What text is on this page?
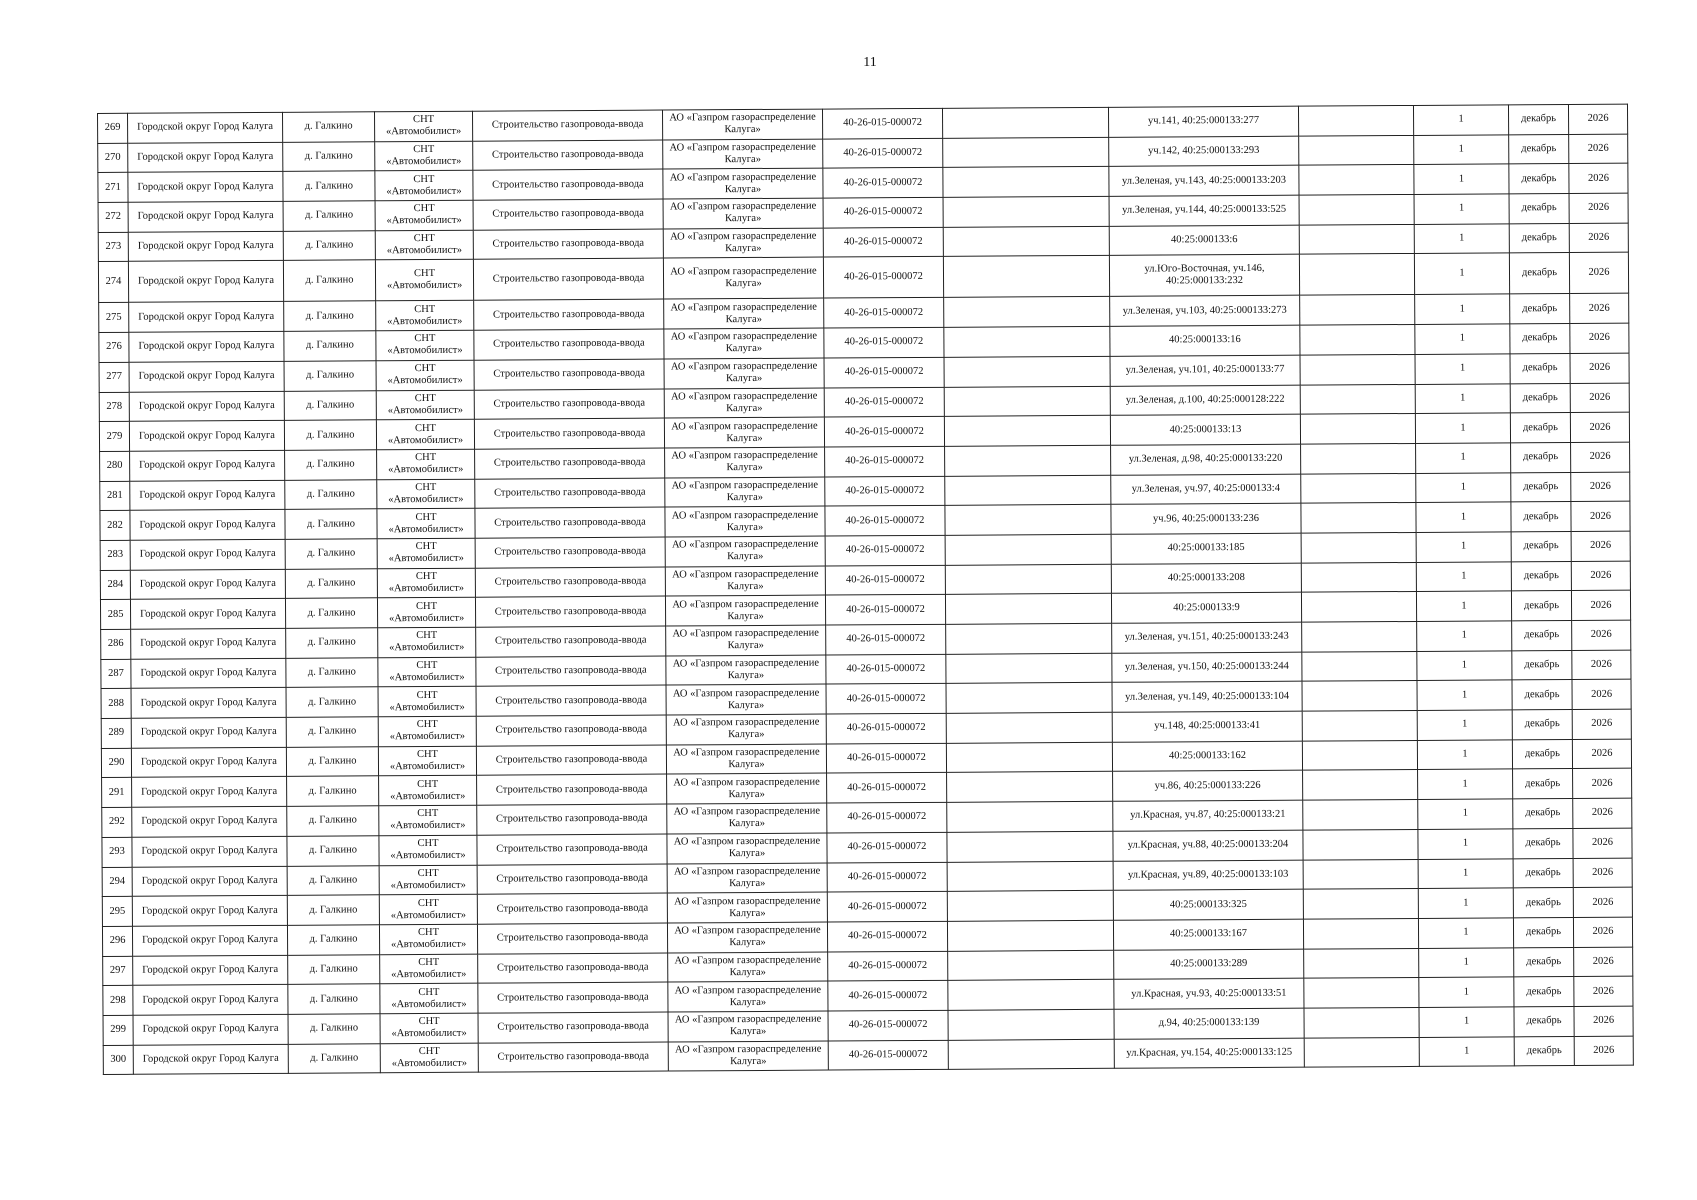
11
269	Городской округ Город Калуга	д. Галкино	СНТ «Автомобилист»	Строительство газопровода-ввода	АО «Газпром газораспределение Калуга»	40-26-015-000072		уч.141, 40:25:000133:277		1	декабрь	2026
270	Городской округ Город Калуга	д. Галкино	СНТ «Автомобилист»	Строительство газопровода-ввода	АО «Газпром газораспределение Калуга»	40-26-015-000072		уч.142, 40:25:000133:293		1	декабрь	2026
271	Городской округ Город Калуга	д. Галкино	СНТ «Автомобилист»	Строительство газопровода-ввода	АО «Газпром газораспределение Калуга»	40-26-015-000072		ул.Зеленая, уч.143, 40:25:000133:203		1	декабрь	2026
272	Городской округ Город Калуга	д. Галкино	СНТ «Автомобилист»	Строительство газопровода-ввода	АО «Газпром газораспределение Калуга»	40-26-015-000072		ул.Зеленая, уч.144, 40:25:000133:525		1	декабрь	2026
273	Городской округ Город Калуга	д. Галкино	СНТ «Автомобилист»	Строительство газопровода-ввода	АО «Газпром газораспределение Калуга»	40-26-015-000072		40:25:000133:6		1	декабрь	2026
274	Городской округ Город Калуга	д. Галкино	СНТ «Автомобилист»	Строительство газопровода-ввода	АО «Газпром газораспределение Калуга»	40-26-015-000072		ул.Юго-Восточная, уч.146, 40:25:000133:232		1	декабрь	2026
275	Городской округ Город Калуга	д. Галкино	СНТ «Автомобилист»	Строительство газопровода-ввода	АО «Газпром газораспределение Калуга»	40-26-015-000072		ул.Зеленая, уч.103, 40:25:000133:273		1	декабрь	2026
276	Городской округ Город Калуга	д. Галкино	СНТ «Автомобилист»	Строительство газопровода-ввода	АО «Газпром газораспределение Калуга»	40-26-015-000072		40:25:000133:16		1	декабрь	2026
277	Городской округ Город Калуга	д. Галкино	СНТ «Автомобилист»	Строительство газопровода-ввода	АО «Газпром газораспределение Калуга»	40-26-015-000072		ул.Зеленая, уч.101, 40:25:000133:77		1	декабрь	2026
278	Городской округ Город Калуга	д. Галкино	СНТ «Автомобилист»	Строительство газопровода-ввода	АО «Газпром газораспределение Калуга»	40-26-015-000072		ул.Зеленая, д.100, 40:25:000128:222		1	декабрь	2026
279	Городской округ Город Калуга	д. Галкино	СНТ «Автомобилист»	Строительство газопровода-ввода	АО «Газпром газораспределение Калуга»	40-26-015-000072		40:25:000133:13		1	декабрь	2026
280	Городской округ Город Калуга	д. Галкино	СНТ «Автомобилист»	Строительство газопровода-ввода	АО «Газпром газораспределение Калуга»	40-26-015-000072		ул.Зеленая, д.98, 40:25:000133:220		1	декабрь	2026
281	Городской округ Город Калуга	д. Галкино	СНТ «Автомобилист»	Строительство газопровода-ввода	АО «Газпром газораспределение Калуга»	40-26-015-000072		ул.Зеленая, уч.97, 40:25:000133:4		1	декабрь	2026
282	Городской округ Город Калуга	д. Галкино	СНТ «Автомобилист»	Строительство газопровода-ввода	АО «Газпром газораспределение Калуга»	40-26-015-000072		уч.96, 40:25:000133:236		1	декабрь	2026
283	Городской округ Город Калуга	д. Галкино	СНТ «Автомобилист»	Строительство газопровода-ввода	АО «Газпром газораспределение Калуга»	40-26-015-000072		40:25:000133:185		1	декабрь	2026
284	Городской округ Город Калуга	д. Галкино	СНТ «Автомобилист»	Строительство газопровода-ввода	АО «Газпром газораспределение Калуга»	40-26-015-000072		40:25:000133:208		1	декабрь	2026
285	Городской округ Город Калуга	д. Галкино	СНТ «Автомобилист»	Строительство газопровода-ввода	АО «Газпром газораспределение Калуга»	40-26-015-000072		40:25:000133:9		1	декабрь	2026
286	Городской округ Город Калуга	д. Галкино	СНТ «Автомобилист»	Строительство газопровода-ввода	АО «Газпром газораспределение Калуга»	40-26-015-000072		ул.Зеленая, уч.151, 40:25:000133:243		1	декабрь	2026
287	Городской округ Город Калуга	д. Галкино	СНТ «Автомобилист»	Строительство газопровода-ввода	АО «Газпром газораспределение Калуга»	40-26-015-000072		ул.Зеленая, уч.150, 40:25:000133:244		1	декабрь	2026
288	Городской округ Город Калуга	д. Галкино	СНТ «Автомобилист»	Строительство газопровода-ввода	АО «Газпром газораспределение Калуга»	40-26-015-000072		ул.Зеленая, уч.149, 40:25:000133:104		1	декабрь	2026
289	Городской округ Город Калуга	д. Галкино	СНТ «Автомобилист»	Строительство газопровода-ввода	АО «Газпром газораспределение Калуга»	40-26-015-000072		уч.148, 40:25:000133:41		1	декабрь	2026
290	Городской округ Город Калуга	д. Галкино	СНТ «Автомобилист»	Строительство газопровода-ввода	АО «Газпром газораспределение Калуга»	40-26-015-000072		40:25:000133:162		1	декабрь	2026
291	Городской округ Город Калуга	д. Галкино	СНТ «Автомобилист»	Строительство газопровода-ввода	АО «Газпром газораспределение Калуга»	40-26-015-000072		уч.86, 40:25:000133:226		1	декабрь	2026
292	Городской округ Город Калуга	д. Галкино	СНТ «Автомобилист»	Строительство газопровода-ввода	АО «Газпром газораспределение Калуга»	40-26-015-000072		ул.Красная, уч.87, 40:25:000133:21		1	декабрь	2026
293	Городской округ Город Калуга	д. Галкино	СНТ «Автомобилист»	Строительство газопровода-ввода	АО «Газпром газораспределение Калуга»	40-26-015-000072		ул.Красная, уч.88, 40:25:000133:204		1	декабрь	2026
294	Городской округ Город Калуга	д. Галкино	СНТ «Автомобилист»	Строительство газопровода-ввода	АО «Газпром газораспределение Калуга»	40-26-015-000072		ул.Красная, уч.89, 40:25:000133:103		1	декабрь	2026
295	Городской округ Город Калуга	д. Галкино	СНТ «Автомобилист»	Строительство газопровода-ввода	АО «Газпром газораспределение Калуга»	40-26-015-000072		40:25:000133:325		1	декабрь	2026
296	Городской округ Город Калуга	д. Галкино	СНТ «Автомобилист»	Строительство газопровода-ввода	АО «Газпром газораспределение Калуга»	40-26-015-000072		40:25:000133:167		1	декабрь	2026
297	Городской округ Город Калуга	д. Галкино	СНТ «Автомобилист»	Строительство газопровода-ввода	АО «Газпром газораспределение Калуга»	40-26-015-000072		40:25:000133:289		1	декабрь	2026
298	Городской округ Город Калуга	д. Галкино	СНТ «Автомобилист»	Строительство газопровода-ввода	АО «Газпром газораспределение Калуга»	40-26-015-000072		ул.Красная, уч.93, 40:25:000133:51		1	декабрь	2026
299	Городской округ Город Калуга	д. Галкино	СНТ «Автомобилист»	Строительство газопровода-ввода	АО «Газпром газораспределение Калуга»	40-26-015-000072		д.94, 40:25:000133:139		1	декабрь	2026
300	Городской округ Город Калуга	д. Галкино	СНТ «Автомобилист»	Строительство газопровода-ввода	АО «Газпром газораспределение Калуга»	40-26-015-000072		ул.Красная, уч.154, 40:25:000133:125		1	декабрь	2026
